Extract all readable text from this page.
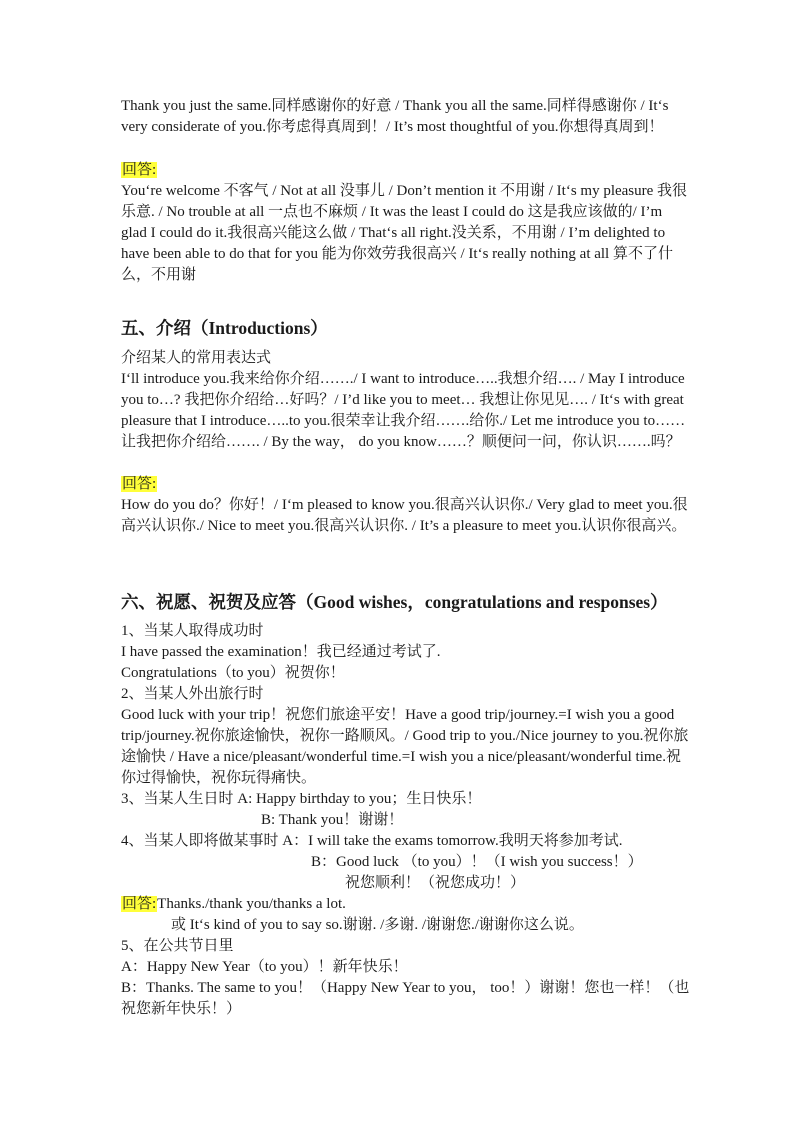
Thank you just the same.同样感谢你的好意 / Thank you all the same.同样得感谢你 / It‘s very considerate of you.你考虑得真周到！/ It’s most thoughtful of you.你想得真周到！

回答:

You‘re welcome 不客气 / Not at all 没事儿 / Don’t mention it 不用谢 / It‘s my pleasure 我很乐意. / No trouble at all 一点也不麻烦 / It was the least I could do 这是我应该做的/ I’m glad I could do it.我很高兴能这么做 / That‘s all right.没关系，不用谢 / I’m delighted to have been able to do that for you 能为你效劳我很高兴 / It‘s really nothing at all 算不了什么，不用谢

五、介绍（Introductions）

介绍某人的常用表达式

I‘ll introduce you.我来给你介绍……./ I want to introduce…..我想介绍…. / May I introduce you to…? 我把你介绍给…好吗？/ I’d like you to meet… 我想让你见见…. / It‘s with great pleasure that I introduce…..to you.很荣幸让我介绍…….给你./ Let me introduce you to……让我把你介绍给……. / By the way， do you know……？顺便问一问，你认识…….吗？

回答:

How do you do？你好！/ I‘m pleased to know you.很高兴认识你./ Very glad to meet you.很高兴认识你./ Nice to meet you.很高兴认识你. / It’s a pleasure to meet you.认识你很高兴。

六、祝愿、祝贺及应答（Good wishes，congratulations and responses）

1、当某人取得成功时

I have passed the examination！我已经通过考试了.

Congratulations（to you）祝贺你！

2、当某人外出旅行时

Good luck with your trip！祝您们旅途平安！Have a good trip/journey.=I wish you a good trip/journey.祝你旅途愉快，祝你一路顺风。/ Good trip to you./Nice journey to you.祝你旅途愉快 / Have a nice/pleasant/wonderful time.=I wish you a nice/pleasant/wonderful time.祝你过得愉快，祝你玩得痛快。

3、当某人生日时 A: Happy birthday to you；生日快乐！

B: Thank you！谢谢！

4、当某人即将做某事时 A：I will take the exams tomorrow.我明天将参加考试.

B：Good luck （to you）！（I wish you success！）

祝您顺利！（祝您成功！）

回答:Thanks./thank you/thanks a lot.

或 It‘s kind of you to say so.谢谢. /多谢. /谢谢您./谢谢你这么说。

5、在公共节日里

A：Happy New Year（to you）！新年快乐！

B：Thanks. The same to you！（Happy New Year to you， too！）谢谢！您也一样！（也祝您新年快乐！）
